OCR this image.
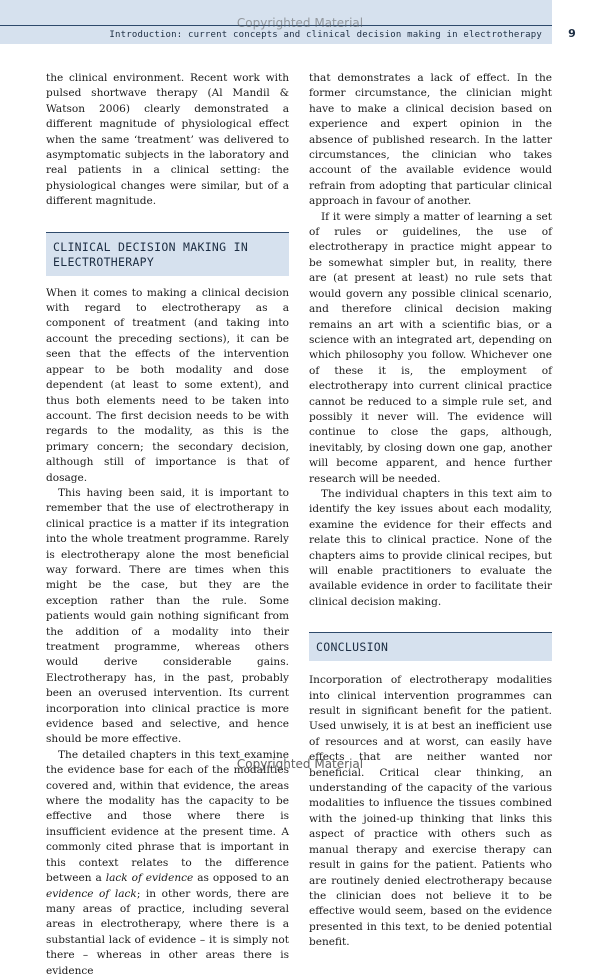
Introduction: current concepts and clinical decision making in electrotherapy	9
Copyrighted Material

the clinical environment. Recent work with pulsed shortwave therapy (Al Mandil & Watson 2006) clearly demonstrated a different magnitude of physiological effect when the same ‘treatment’ was delivered to asymptomatic subjects in the laboratory and real patients in a clinical setting: the physiological changes were similar, but of a different magnitude.

CLINICAL DECISION MAKING IN ELECTROTHERAPY

When it comes to making a clinical decision with regard to electrotherapy as a component of treatment (and taking into account the preceding sections), it can be seen that the effects of the intervention appear to be both modality and dose dependent (at least to some extent), and thus both elements need to be taken into account. The first decision needs to be with regards to the modality, as this is the primary concern; the secondary decision, although still of importance is that of dosage.

This having been said, it is important to remember that the use of electrotherapy in clinical practice is a matter if its integration into the whole treatment programme. Rarely is electrotherapy alone the most beneficial way forward. There are times when this might be the case, but they are the exception rather than the rule. Some patients would gain nothing significant from the addition of a modality into their treatment programme, whereas others would derive considerable gains. Electrotherapy has, in the past, probably been an overused intervention. Its current incorporation into clinical practice is more evidence based and selective, and hence should be more effective.

The detailed chapters in this text examine the evidence base for each of the modalities covered and, within that evidence, the areas where the modality has the capacity to be effective and those where there is insufficient evidence at the present time. A commonly cited phrase that is important in this context relates to the difference between a lack of evidence as opposed to an evidence of lack; in other words, there are many areas of practice, including several areas in electrotherapy, where there is a substantial lack of evidence – it is simply not there – whereas in other areas there is evidence

that demonstrates a lack of effect. In the former circumstance, the clinician might have to make a clinical decision based on experience and expert opinion in the absence of published research. In the latter circumstances, the clinician who takes account of the available evidence would refrain from adopting that particular clinical approach in favour of another.

If it were simply a matter of learning a set of rules or guidelines, the use of electrotherapy in practice might appear to be somewhat simpler but, in reality, there are (at present at least) no rule sets that would govern any possible clinical scenario, and therefore clinical decision making remains an art with a scientific bias, or a science with an integrated art, depending on which philosophy you follow. Whichever one of these it is, the employment of electrotherapy into current clinical practice cannot be reduced to a simple rule set, and possibly it never will. The evidence will continue to close the gaps, although, inevitably, by closing down one gap, another will become apparent, and hence further research will be needed.

The individual chapters in this text aim to identify the key issues about each modality, examine the evidence for their effects and relate this to clinical practice. None of the chapters aims to provide clinical recipes, but will enable practitioners to evaluate the available evidence in order to facilitate their clinical decision making.

CONCLUSION

Incorporation of electrotherapy modalities into clinical intervention programmes can result in significant benefit for the patient. Used unwisely, it is at best an inefficient use of resources and at worst, can easily have effects that are neither wanted nor beneficial. Critical clear thinking, an understanding of the capacity of the various modalities to influence the tissues combined with the joined-up thinking that links this aspect of practice with others such as manual therapy and exercise therapy can result in gains for the patient. Patients who are routinely denied electrotherapy because the clinician does not believe it to be effective would seem, based on the evidence presented in this text, to be denied potential benefit.

Copyrighted Material
